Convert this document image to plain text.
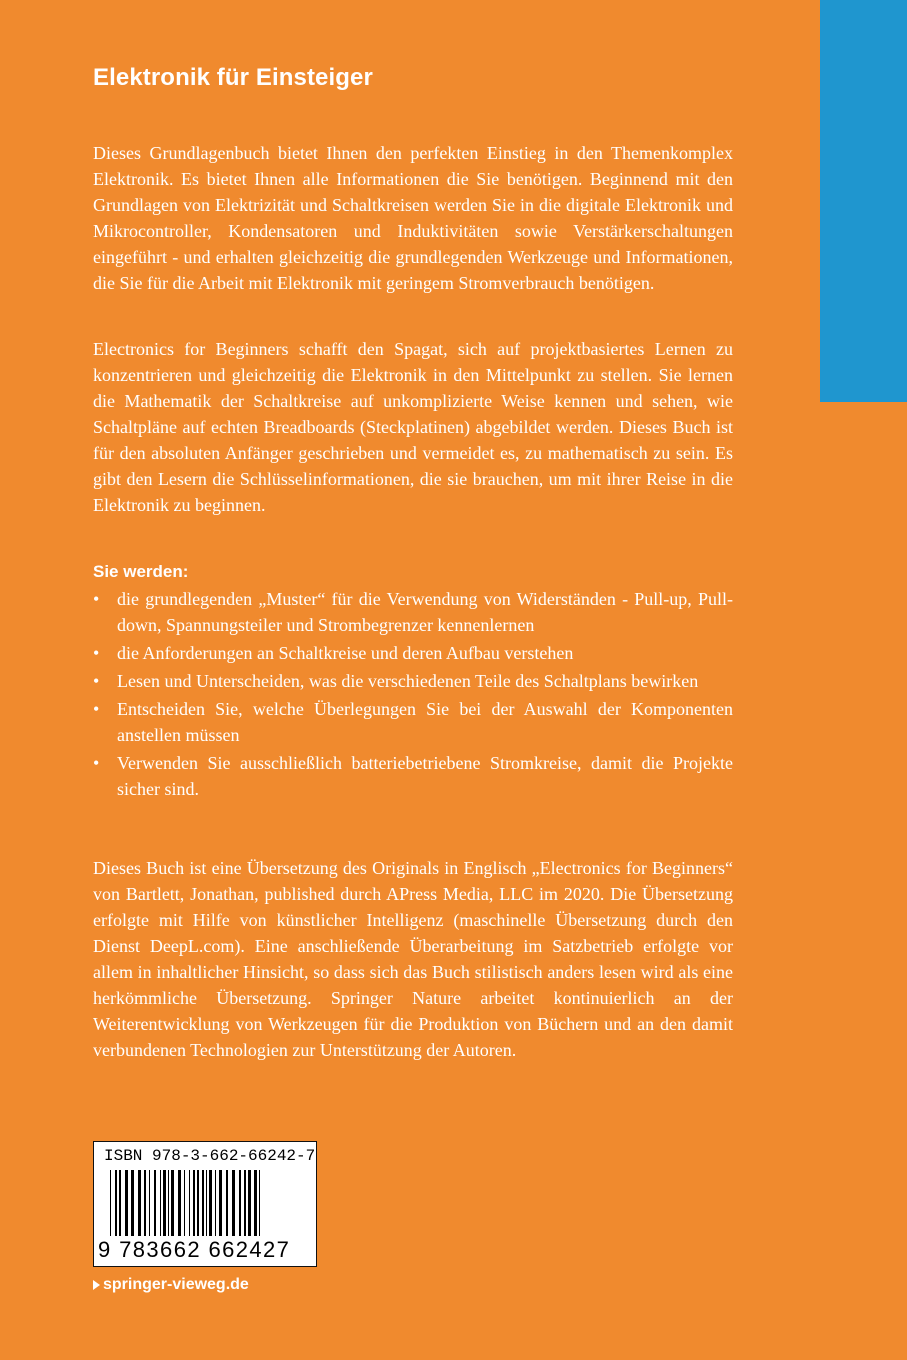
Elektronik für Einsteiger

Dieses Grundlagenbuch bietet Ihnen den perfekten Einstieg in den Themenkomplex Elektronik. Es bietet Ihnen alle Informationen die Sie benötigen. Beginnend mit den Grundlagen von Elektrizität und Schaltkreisen werden Sie in die digitale Elektronik und Mikrocontroller, Kondensatoren und Induktivitäten sowie Verstärkerschaltungen eingeführt - und erhalten gleichzeitig die grundlegenden Werkzeuge und Informationen, die Sie für die Arbeit mit Elektronik mit geringem Stromverbrauch benötigen.

Electronics for Beginners schafft den Spagat, sich auf projektbasiertes Lernen zu konzentrieren und gleichzeitig die Elektronik in den Mittelpunkt zu stellen. Sie lernen die Mathematik der Schaltkreise auf unkomplizierte Weise kennen und sehen, wie Schaltpläne auf echten Breadboards (Steckplatinen) abgebildet werden. Dieses Buch ist für den absoluten Anfänger geschrieben und vermeidet es, zu mathematisch zu sein. Es gibt den Lesern die Schlüsselinformationen, die sie brauchen, um mit ihrer Reise in die Elektronik zu beginnen.

Sie werden:
• die grundlegenden „Muster“ für die Verwendung von Widerständen - Pull-up, Pull-down, Spannungsteiler und Strombegrenzer kennenlernen
• die Anforderungen an Schaltkreise und deren Aufbau verstehen
• Lesen und Unterscheiden, was die verschiedenen Teile des Schaltplans bewirken
• Entscheiden Sie, welche Überlegungen Sie bei der Auswahl der Komponenten anstellen müssen
• Verwenden Sie ausschließlich batteriebetriebene Stromkreise, damit die Projekte sicher sind.

Dieses Buch ist eine Übersetzung des Originals in Englisch „Electronics for Beginners“ von Bartlett, Jonathan, published durch APress Media, LLC im 2020. Die Übersetzung erfolgte mit Hilfe von künstlicher Intelligenz (maschinelle Übersetzung durch den Dienst DeepL.com). Eine anschließende Überarbeitung im Satzbetrieb erfolgte vor allem in inhaltlicher Hinsicht, so dass sich das Buch stilistisch anders lesen wird als eine herkömmliche Übersetzung. Springer Nature arbeitet kontinuierlich an der Weiterentwicklung von Werkzeugen für die Produktion von Büchern und an den damit verbundenen Technologien zur Unterstützung der Autoren.

ISBN 978-3-662-66242-7
9 783662 662427
springer-vieweg.de
